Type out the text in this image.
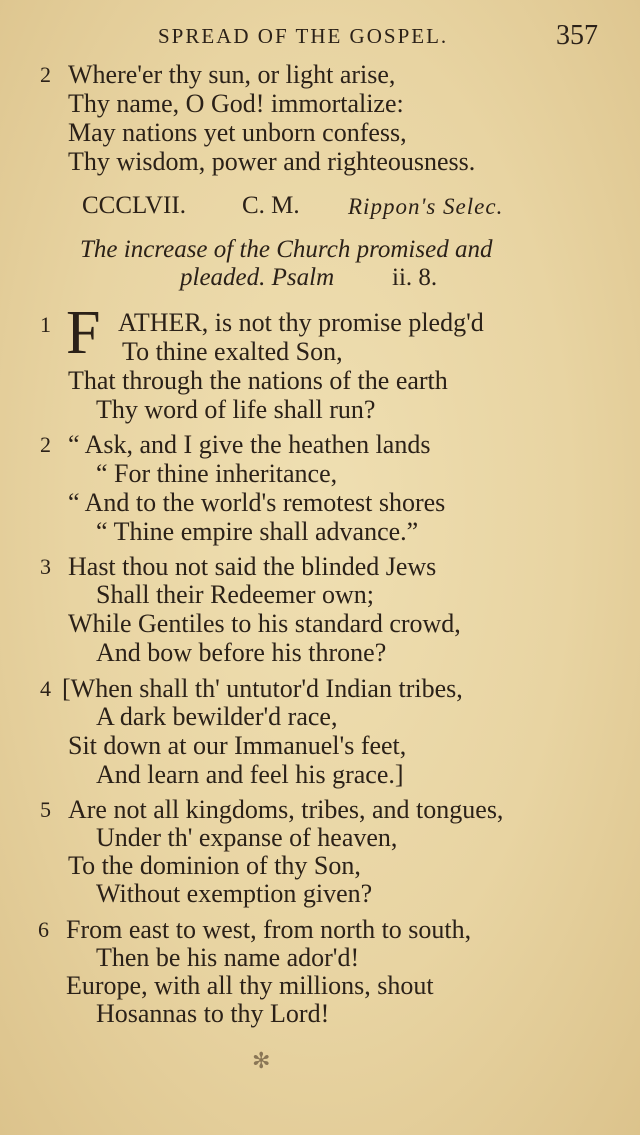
SPREAD OF THE GOSPEL.	357
2 Where'er thy sun, or light arise,
Thy name, O God! immortalize:
May nations yet unborn confess,
Thy wisdom, power and righteousness.
CCCLVII. C. M. Rippon's Selec.
The increase of the Church promised and
pleaded. Psalm ii. 8.
1 F ATHER, is not thy promise pledg'd
To thine exalted Son,
That through the nations of the earth
Thy word of life shall run?
2 “ Ask, and I give the heathen lands
“ For thine inheritance,
“ And to the world's remotest shores
“ Thine empire shall advance.”
3 Hast thou not said the blinded Jews
Shall their Redeemer own;
While Gentiles to his standard crowd,
And bow before his throne?
4 [When shall th' untutor'd Indian tribes,
A dark bewilder'd race,
Sit down at our Immanuel's feet,
And learn and feel his grace.]
5 Are not all kingdoms, tribes, and tongues,
Under th' expanse of heaven,
To the dominion of thy Son,
Without exemption given?
6 From east to west, from north to south,
Then be his name ador'd!
Europe, with all thy millions, shout
Hosannas to thy Lord!
✻
